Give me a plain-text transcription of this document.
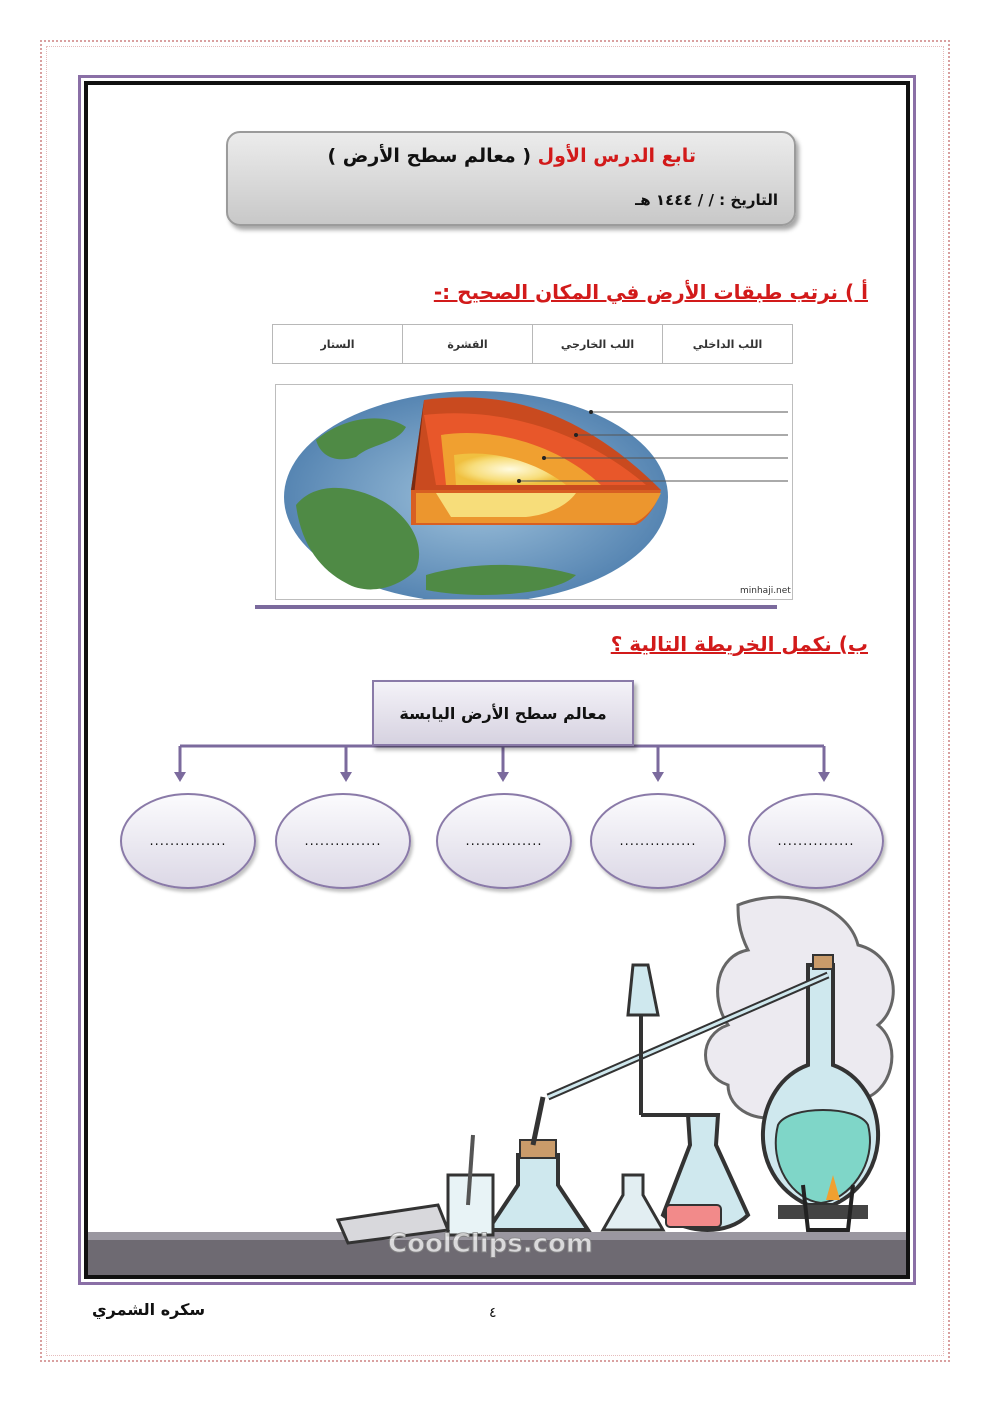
تابع الدرس الأول ( معالم سطح الأرض )
التاريخ : / / ١٤٤٤ هـ
أ ) نرتب طبقات الأرض في المكان الصحيح :-
اللب الداخلي	اللب الخارجي	القشرة	الستار
minhaji.net
ب) نكمل الخريطة التالية ؟
معالم سطح الأرض اليابسة
...............	...............	...............	...............	...............
CoolClips.com
سكره الشمري	٤
